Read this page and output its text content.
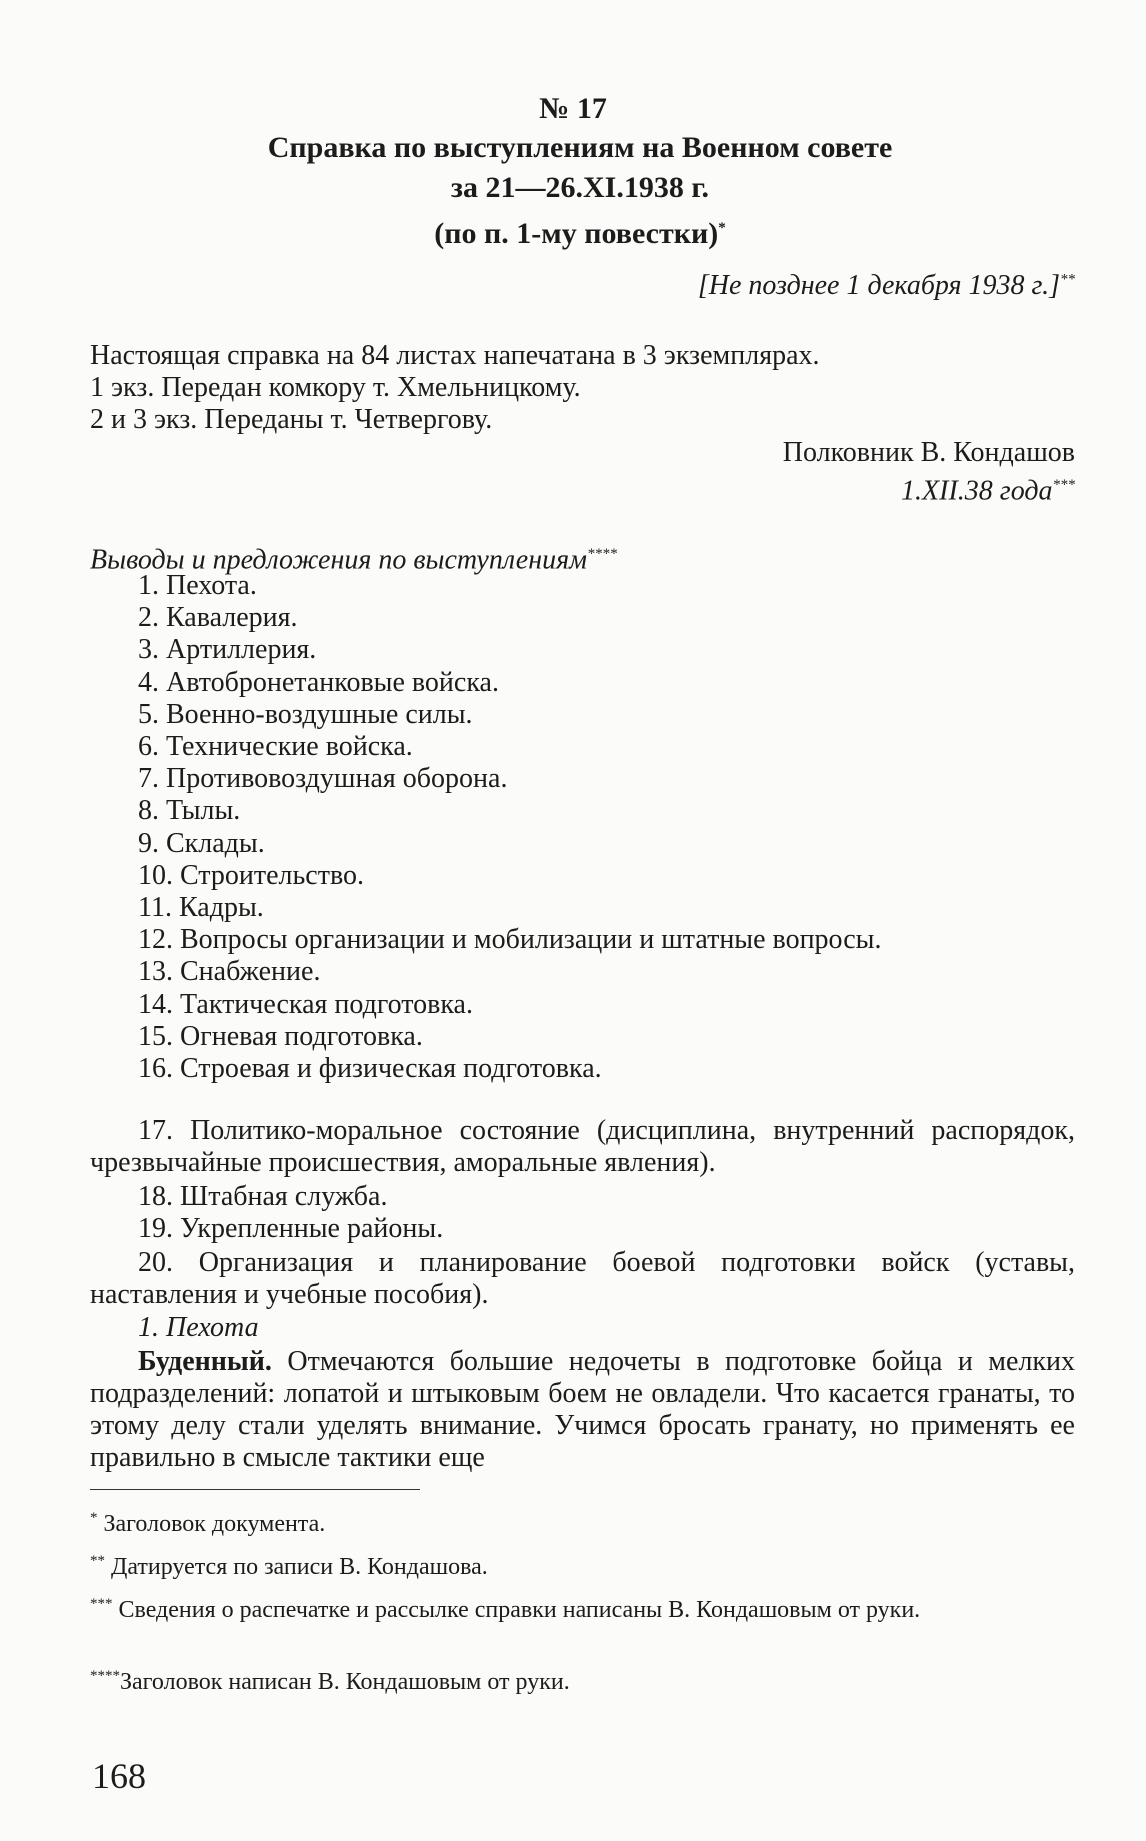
№ 17
Справка по выступлениям на Военном совете
за 21—26.XI.1938 г.
(по п. 1-му повестки)*
[Не позднее 1 декабря 1938 г.]**
Настоящая справка на 84 листах напечатана в 3 экземплярах.
1 экз. Передан комкору т. Хмельницкому.
2 и 3 экз. Переданы т. Четвергову.
Полковник В. Кондашов
1.XII.38 года***
Выводы и предложения по выступлениям****
1. Пехота.
2. Кавалерия.
3. Артиллерия.
4. Автобронетанковые войска.
5. Военно-воздушные силы.
6. Технические войска.
7. Противовоздушная оборона.
8. Тылы.
9. Склады.
10. Строительство.
11. Кадры.
12. Вопросы организации и мобилизации и штатные вопросы.
13. Снабжение.
14. Тактическая подготовка.
15. Огневая подготовка.
16. Строевая и физическая подготовка.
17. Политико-моральное состояние (дисциплина, внутренний распорядок, чрезвычайные происшествия, аморальные явления).
18. Штабная служба.
19. Укрепленные районы.
20. Организация и планирование боевой подготовки войск (уставы, наставления и учебные пособия).
1. Пехота
Буденный. Отмечаются большие недочеты в подготовке бойца и мелких подразделений: лопатой и штыковым боем не овладели. Что касается гранаты, то этому делу стали уделять внимание. Учимся бросать гранату, но применять ее правильно в смысле тактики еще
* Заголовок документа.
** Датируется по записи В. Кондашова.
*** Сведения о распечатке и рассылке справки написаны В. Кондашовым от руки.
****Заголовок написан В. Кондашовым от руки.
168
